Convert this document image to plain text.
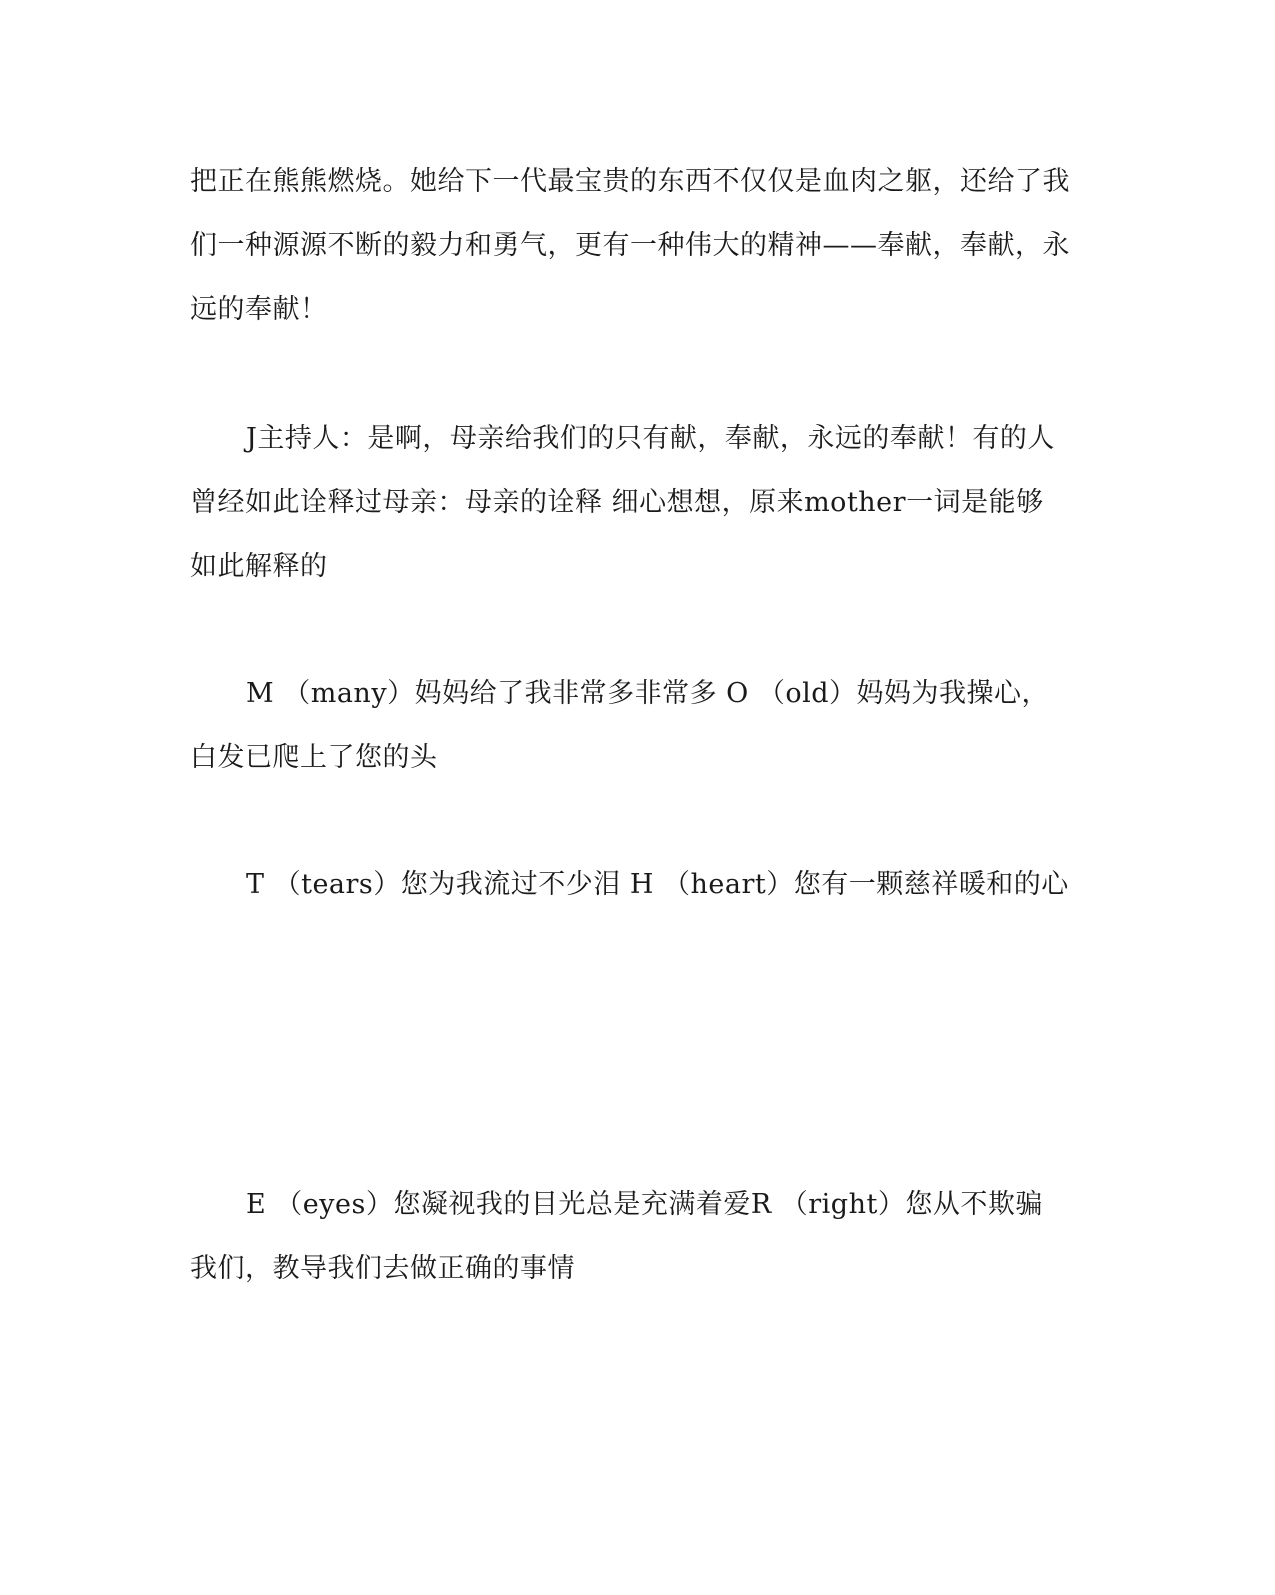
把正在熊熊燃烧。她给下一代最宝贵的东西不仅仅是血肉之躯，还给了我们一种源源不断的毅力和勇气，更有一种伟大的精神——奉献，奉献，永远的奉献！

J主持人：是啊，母亲给我们的只有献，奉献，永远的奉献！有的人曾经如此诠释过母亲：母亲的诠释 细心想想，原来mother一词是能够如此解释的

M （many）妈妈给了我非常多非常多 O （old）妈妈为我操心，白发已爬上了您的头

T （tears）您为我流过不少泪 H （heart）您有一颗慈祥暖和的心

E （eyes）您凝视我的目光总是充满着爱R （right）您从不欺骗我们，教导我们去做正确的事情
